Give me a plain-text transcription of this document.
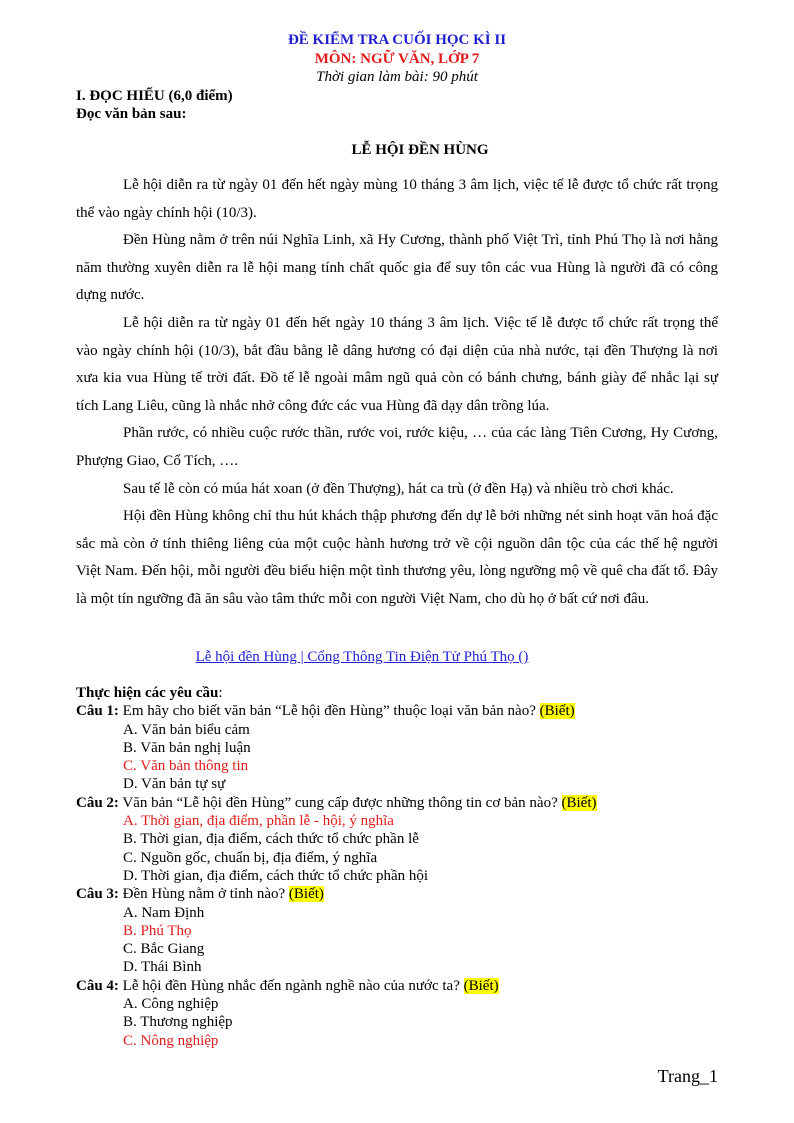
ĐỀ KIỂM TRA CUỐI HỌC KÌ II
MÔN: NGỮ VĂN, LỚP 7
Thời gian làm bài: 90 phút
I. ĐỌC HIỂU (6,0 điểm)
Đọc văn bản sau:
LỄ HỘI ĐỀN HÙNG

Lễ hội diễn ra từ ngày 01 đến hết ngày mùng 10 tháng 3 âm lịch, việc tế lễ được tổ chức rất trọng thể vào ngày chính hội (10/3).

Đền Hùng nằm ở trên núi Nghĩa Linh, xã Hy Cương, thành phố Việt Trì, tỉnh Phú Thọ là nơi hằng năm thường xuyên diễn ra lễ hội mang tính chất quốc gia để suy tôn các vua Hùng là người đã có công dựng nước.

Lễ hội diễn ra từ ngày 01 đến hết ngày 10 tháng 3 âm lịch. Việc tế lễ được tổ chức rất trọng thể vào ngày chính hội (10/3), bắt đầu bằng lễ dâng hương có đại diện của nhà nước, tại đền Thượng là nơi xưa kia vua Hùng tế trời đất. Đồ tế lễ ngoài mâm ngũ quả còn có bánh chưng, bánh giày để nhắc lại sự tích Lang Liêu, cũng là nhắc nhở công đức các vua Hùng đã dạy dân trồng lúa.

Phần rước, có nhiều cuộc rước thần, rước voi, rước kiệu, … của các làng Tiên Cương, Hy Cương, Phượng Giao, Cổ Tích, ….

Sau tế lễ còn có múa hát xoan (ở đền Thượng), hát ca trù (ở đền Hạ) và nhiều trò chơi khác.

Hội đền Hùng không chỉ thu hút khách thập phương đến dự lễ bởi những nét sinh hoạt văn hoá đặc sắc mà còn ở tính thiêng liêng của một cuộc hành hương trở về cội nguồn dân tộc của các thế hệ người Việt Nam. Đến hội, mỗi người đều biểu hiện một tình thương yêu, lòng ngưỡng mộ về quê cha đất tổ. Đây là một tín ngưỡng đã ăn sâu vào tâm thức mỗi con người Việt Nam, cho dù họ ở bất cứ nơi đâu.

Lễ hội đền Hùng | Cổng Thông Tin Điện Tử Phú Thọ ()
Thực hiện các yêu cầu:
Câu 1: Em hãy cho biết văn bản “Lễ hội đền Hùng” thuộc loại văn bản nào? (Biết)
A. Văn bản biểu cảm
B. Văn bản nghị luận
C. Văn bản thông tin
D. Văn bản tự sự
Câu 2: Văn bản “Lễ hội đền Hùng” cung cấp được những thông tin cơ bản nào? (Biết)
A. Thời gian, địa điểm, phần lễ - hội, ý nghĩa
B. Thời gian, địa điểm, cách thức tổ chức phần lễ
C. Nguồn gốc, chuẩn bị, địa điểm, ý nghĩa
D. Thời gian, địa điểm, cách thức tổ chức phần hội
Câu 3: Đền Hùng nằm ở tỉnh nào? (Biết)
A. Nam Định
B. Phú Thọ
C. Bắc Giang
D. Thái Bình
Câu 4: Lễ hội đền Hùng nhắc đến ngành nghề nào của nước ta? (Biết)
A. Công nghiệp
B. Thương nghiệp
C. Nông nghiệp
Trang_1
